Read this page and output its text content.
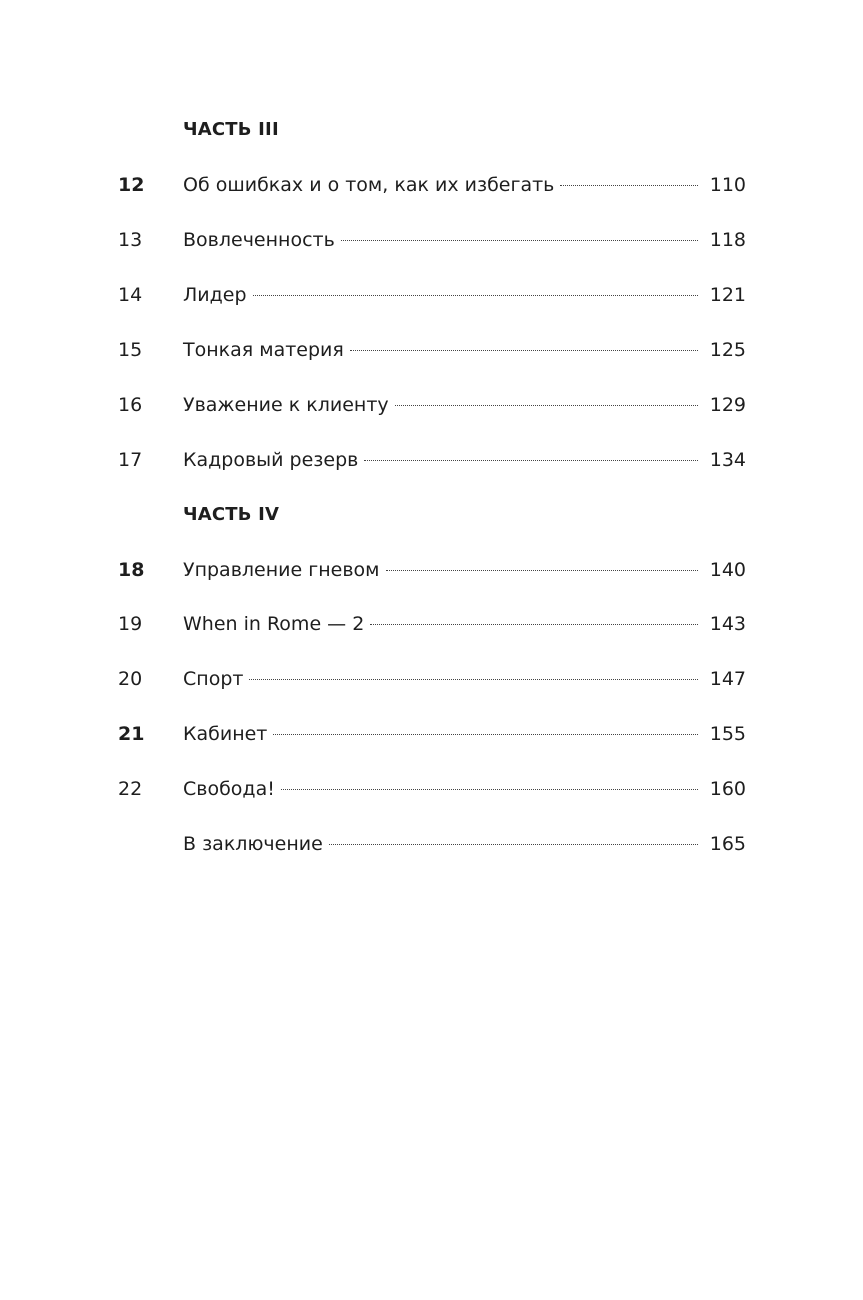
ЧАСТЬ III
12 Об ошибках и о том, как их избегать	110
13 Вовлеченность	118
14 Лидер	121
15 Тонкая материя	125
16 Уважение к клиенту	129
17 Кадровый резерв	134
ЧАСТЬ IV
18 Управление гневом	140
19 When in Rome — 2	143
20 Спорт	147
21 Кабинет	155
22 Свобода!	160
В заключение	165
